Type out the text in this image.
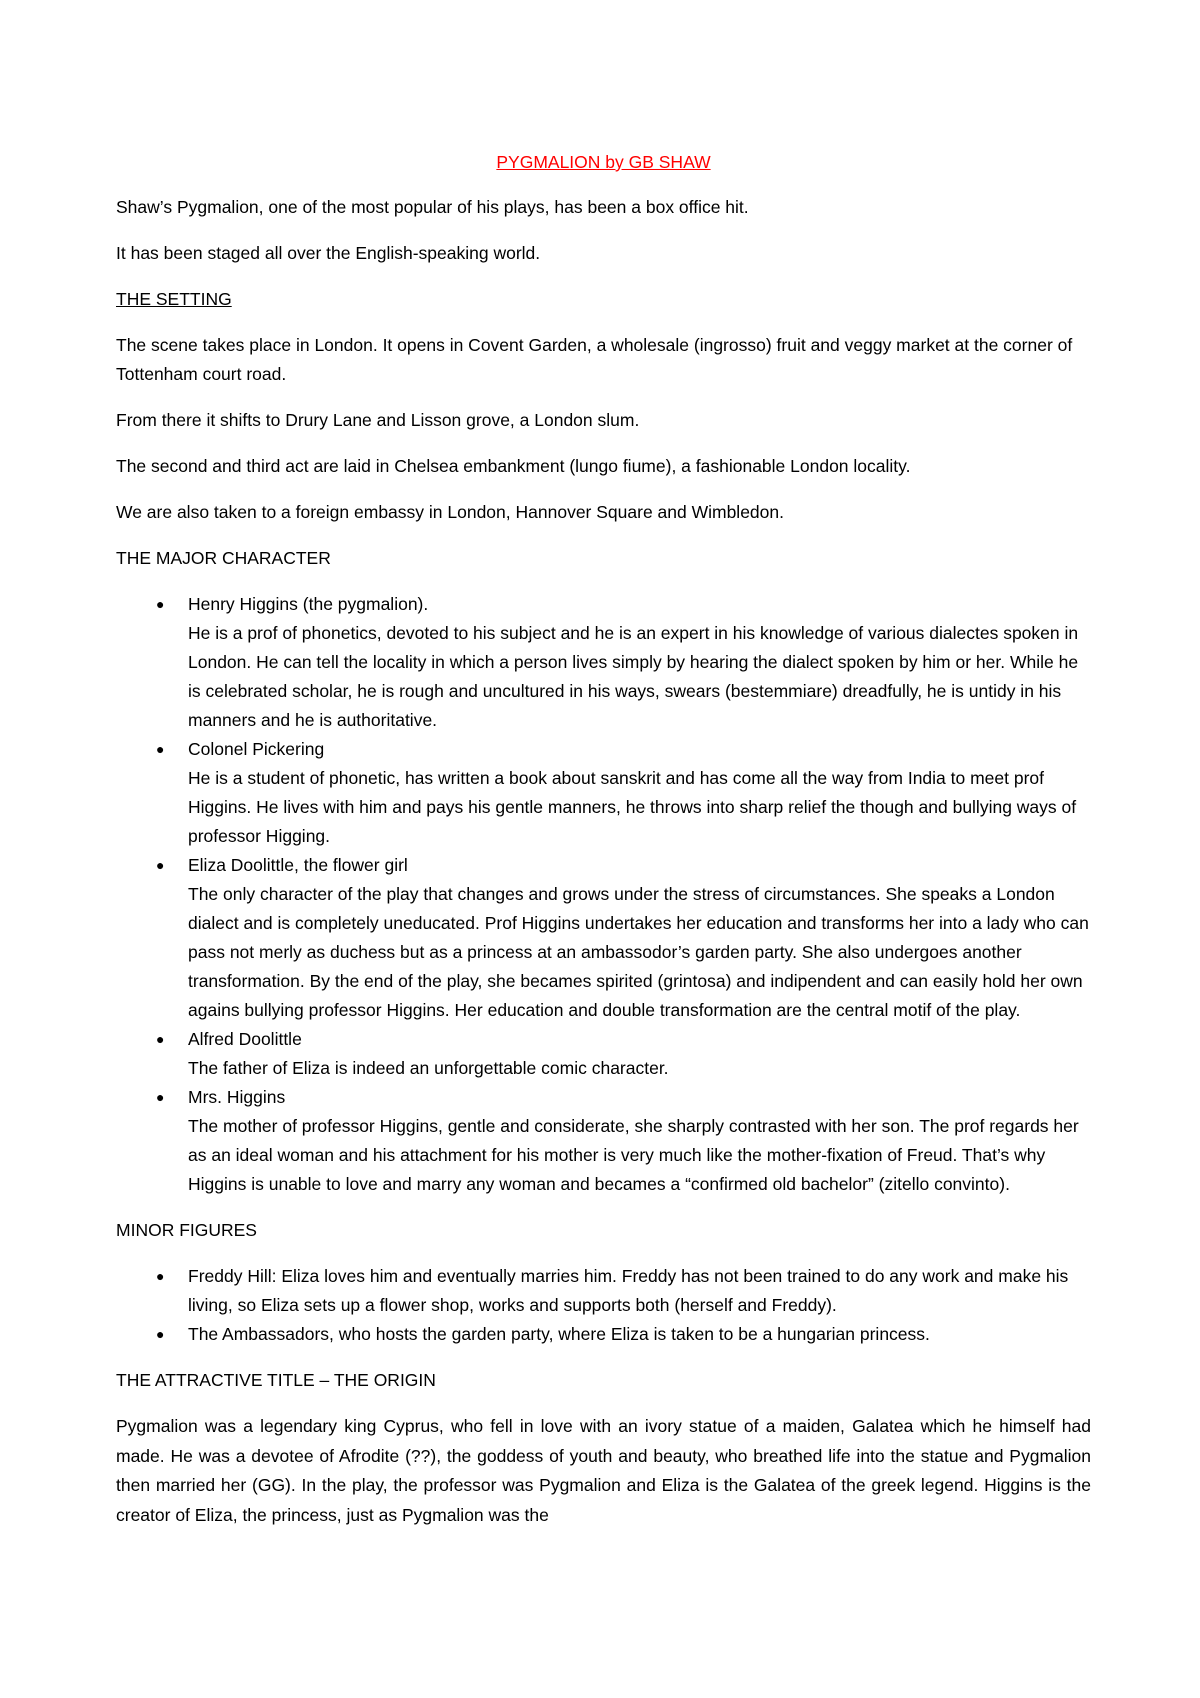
PYGMALION by GB SHAW

Shaw’s Pygmalion, one of the most popular of his plays, has been a box office hit.

It has been staged all over the English-speaking world.

THE SETTING

The scene takes place in London. It opens in Covent Garden, a wholesale (ingrosso) fruit and veggy market at the corner of Tottenham court road.

From there it shifts to Drury Lane and Lisson grove, a London slum.

The second and third act are laid in Chelsea embankment (lungo fiume), a fashionable London locality.

We are also taken to a foreign embassy in London, Hannover Square and Wimbledon.

THE MAJOR CHARACTER

● Henry Higgins (the pygmalion).
He is a prof of phonetics, devoted to his subject and he is an expert in his knowledge of various dialectes spoken in London. He can tell the locality in which a person lives simply by hearing the dialect spoken by him or her. While he is celebrated scholar, he is rough and uncultured in his ways, swears (bestemmiare) dreadfully, he is untidy in his manners and he is authoritative.
● Colonel Pickering
He is a student of phonetic, has written a book about sanskrit and has come all the way from India to meet prof Higgins. He lives with him and pays his gentle manners, he throws into sharp relief the though and bullying ways of professor Higging.
● Eliza Doolittle, the flower girl
The only character of the play that changes and grows under the stress of circumstances. She speaks a London dialect and is completely uneducated. Prof Higgins undertakes her education and transforms her into a lady who can pass not merly as duchess but as a princess at an ambassodor’s garden party. She also undergoes another transformation. By the end of the play, she becames spirited (grintosa) and indipendent and can easily hold her own agains bullying professor Higgins. Her education and double transformation are the central motif of the play.
● Alfred Doolittle
The father of Eliza is indeed an unforgettable comic character.
● Mrs. Higgins
The mother of professor Higgins, gentle and considerate, she sharply contrasted with her son. The prof regards her as an ideal woman and his attachment for his mother is very much like the mother-fixation of Freud. That’s why Higgins is unable to love and marry any woman and becames a “confirmed old bachelor” (zitello convinto).

MINOR FIGURES

● Freddy Hill: Eliza loves him and eventually marries him. Freddy has not been trained to do any work and make his living, so Eliza sets up a flower shop, works and supports both (herself and Freddy).
● The Ambassadors, who hosts the garden party, where Eliza is taken to be a hungarian princess.

THE ATTRACTIVE TITLE – THE ORIGIN

Pygmalion was a legendary king Cyprus, who fell in love with an ivory statue of a maiden, Galatea which he himself had made. He was a devotee of Afrodite (??), the goddess of youth and beauty, who breathed life into the statue and Pygmalion then married her (GG). In the play, the professor was Pygmalion and Eliza is the Galatea of the greek legend. Higgins is the creator of Eliza, the princess, just as Pygmalion was the
